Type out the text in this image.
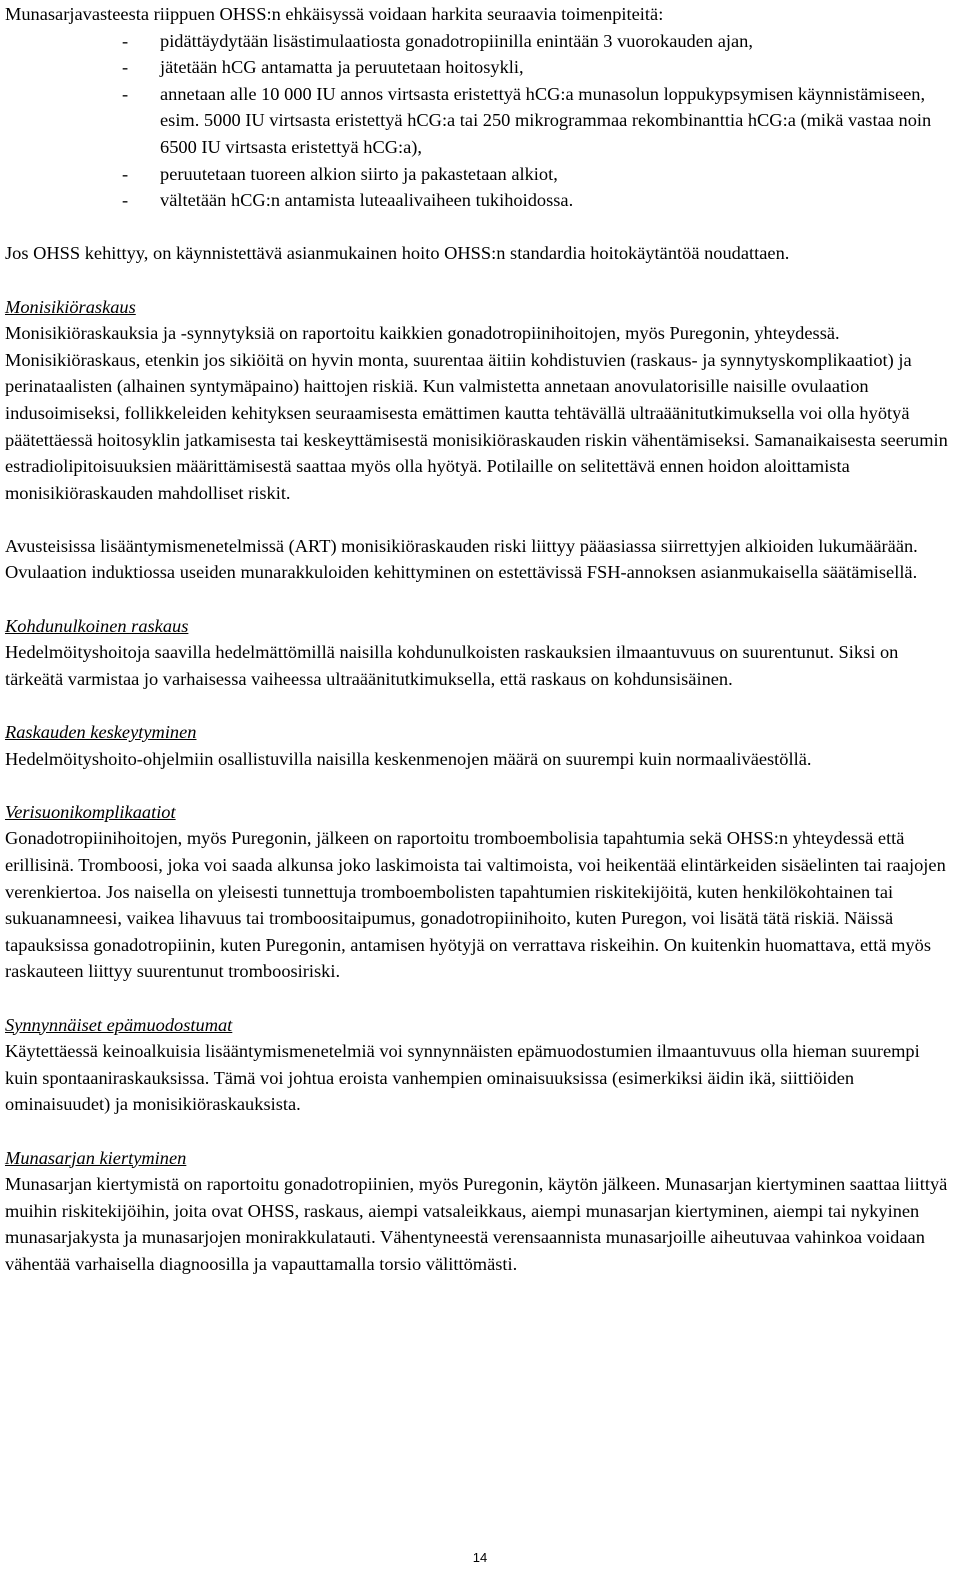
Munasarjavasteesta riippuen OHSS:n ehkäisyssä voidaan harkita seuraavia toimenpiteitä:

- pidättäydytään lisästimulaatiosta gonadotropiinilla enintään 3 vuorokauden ajan,
- jätetään hCG antamatta ja peruutetaan hoitosykli,
- annetaan alle 10 000 IU annos virtsasta eristettyä hCG:a munasolun loppukypsymisen käynnistämiseen, esim. 5000 IU virtsasta eristettyä hCG:a tai 250 mikrogrammaa rekombinanttia hCG:a (mikä vastaa noin 6500 IU virtsasta eristettyä hCG:a),
- peruutetaan tuoreen alkion siirto ja pakastetaan alkiot,
- vältetään hCG:n antamista luteaalivaiheen tukihoidossa.

Jos OHSS kehittyy, on käynnistettävä asianmukainen hoito OHSS:n standardia hoitokäytäntöä noudattaen.

Monisikiöraskaus

Monisikiöraskauksia ja -synnytyksiä on raportoitu kaikkien gonadotropiinihoitojen, myös Puregonin, yhteydessä. Monisikiöraskaus, etenkin jos sikiöitä on hyvin monta, suurentaa äitiin kohdistuvien (raskaus- ja synnytyskomplikaatiot) ja perinataalisten (alhainen syntymäpaino) haittojen riskiä. Kun valmistetta annetaan anovulatorisille naisille ovulaation indusoimiseksi, follikkeleiden kehityksen seuraamisesta emättimen kautta tehtävällä ultraäänitutkimuksella voi olla hyötyä päätettäessä hoitosyklin jatkamisesta tai keskeyttämisestä monisikiöraskauden riskin vähentämiseksi. Samanaikaisesta seerumin estradiolipitoisuuksien määrittämisestä saattaa myös olla hyötyä. Potilaille on selitettävä ennen hoidon aloittamista monisikiöraskauden mahdolliset riskit.

Avusteisissa lisääntymismenetelmissä (ART) monisikiöraskauden riski liittyy pääasiassa siirrettyjen alkioiden lukumäärään. Ovulaation induktiossa useiden munarakkuloiden kehittyminen on estettävissä FSH-annoksen asianmukaisella säätämisellä.

Kohdunulkoinen raskaus

Hedelmöityshoitoja saavilla hedelmättömillä naisilla kohdunulkoisten raskauksien ilmaantuvuus on suurentunut. Siksi on tärkeätä varmistaa jo varhaisessa vaiheessa ultraäänitutkimuksella, että raskaus on kohdunsisäinen.

Raskauden keskeytyminen

Hedelmöityshoito-ohjelmiin osallistuvilla naisilla keskenmenojen määrä on suurempi kuin normaaliväestöllä.

Verisuonikomplikaatiot

Gonadotropiinihoitojen, myös Puregonin, jälkeen on raportoitu tromboembolisia tapahtumia sekä OHSS:n yhteydessä että erillisinä. Tromboosi, joka voi saada alkunsa joko laskimoista tai valtimoista, voi heikentää elintärkeiden sisäelinten tai raajojen verenkiertoa. Jos naisella on yleisesti tunnettuja tromboembolisten tapahtumien riskitekijöitä, kuten henkilökohtainen tai sukuanamneesi, vaikea lihavuus tai tromboositaipumus, gonadotropiinihoito, kuten Puregon, voi lisätä tätä riskiä. Näissä tapauksissa gonadotropiinin, kuten Puregonin, antamisen hyötyjä on verrattava riskeihin. On kuitenkin huomattava, että myös raskauteen liittyy suurentunut tromboosiriski.

Synnynnäiset epämuodostumat

Käytettäessä keinoalkuisia lisääntymismenetelmiä voi synnynnäisten epämuodostumien ilmaantuvuus olla hieman suurempi kuin spontaaniraskauksissa. Tämä voi johtua eroista vanhempien ominaisuuksissa (esimerkiksi äidin ikä, siittiöiden ominaisuudet) ja monisikiöraskauksista.

Munasarjan kiertyminen

Munasarjan kiertymistä on raportoitu gonadotropiinien, myös Puregonin, käytön jälkeen. Munasarjan kiertyminen saattaa liittyä muihin riskitekijöihin, joita ovat OHSS, raskaus, aiempi vatsaleikkaus, aiempi munasarjan kiertyminen, aiempi tai nykyinen munasarjakysta ja munasarjojen monirakkulatauti. Vähentyneestä verensaannista munasarjoille aiheutuvaa vahinkoa voidaan vähentää varhaisella diagnoosilla ja vapauttamalla torsio välittömästi.

14
